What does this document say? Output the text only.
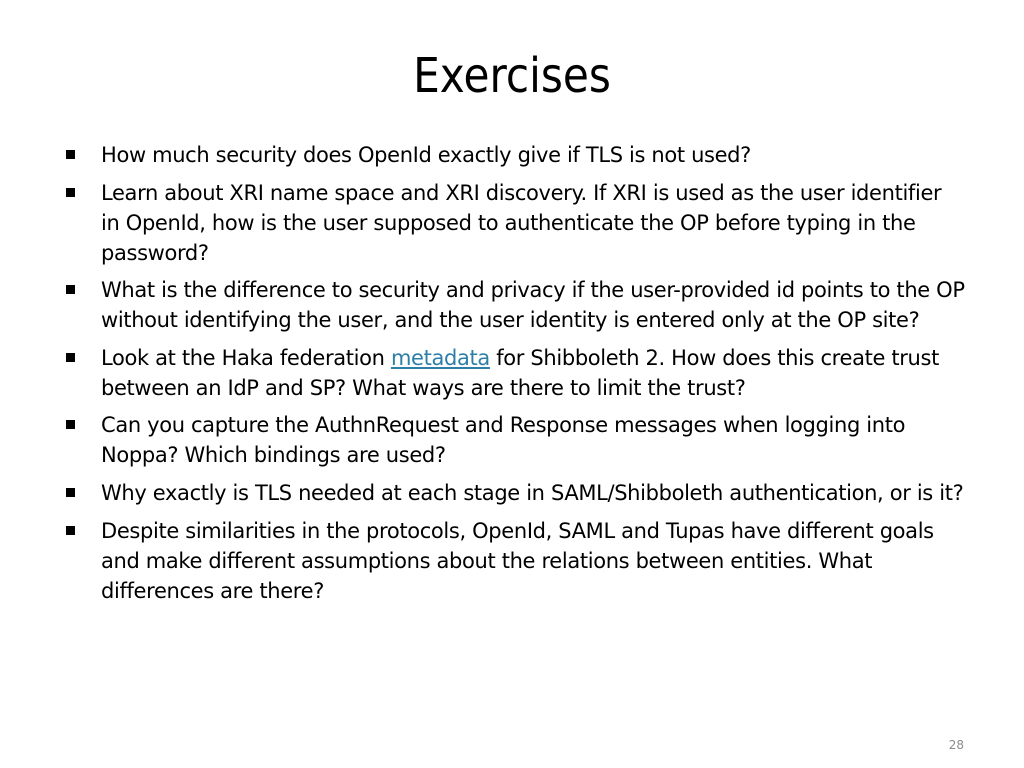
Exercises
How much security does OpenId exactly give if TLS is not used?
Learn about XRI name space and XRI discovery. If XRI is used as the user identifier in OpenId, how is the user supposed to authenticate the OP before typing in the password?
What is the difference to security and privacy if the user-provided id points to the OP without identifying the user, and the user identity is entered only at the OP site?
Look at the Haka federation metadata for Shibboleth 2. How does this create trust between an IdP and SP? What ways are there to limit the trust?
Can you capture the AuthnRequest and Response messages when logging into Noppa? Which bindings are used?
Why exactly is TLS needed at each stage in SAML/Shibboleth authentication, or is it?
Despite similarities in the protocols, OpenId, SAML and Tupas have different goals and make different assumptions about the relations between entities. What differences are there?
28
